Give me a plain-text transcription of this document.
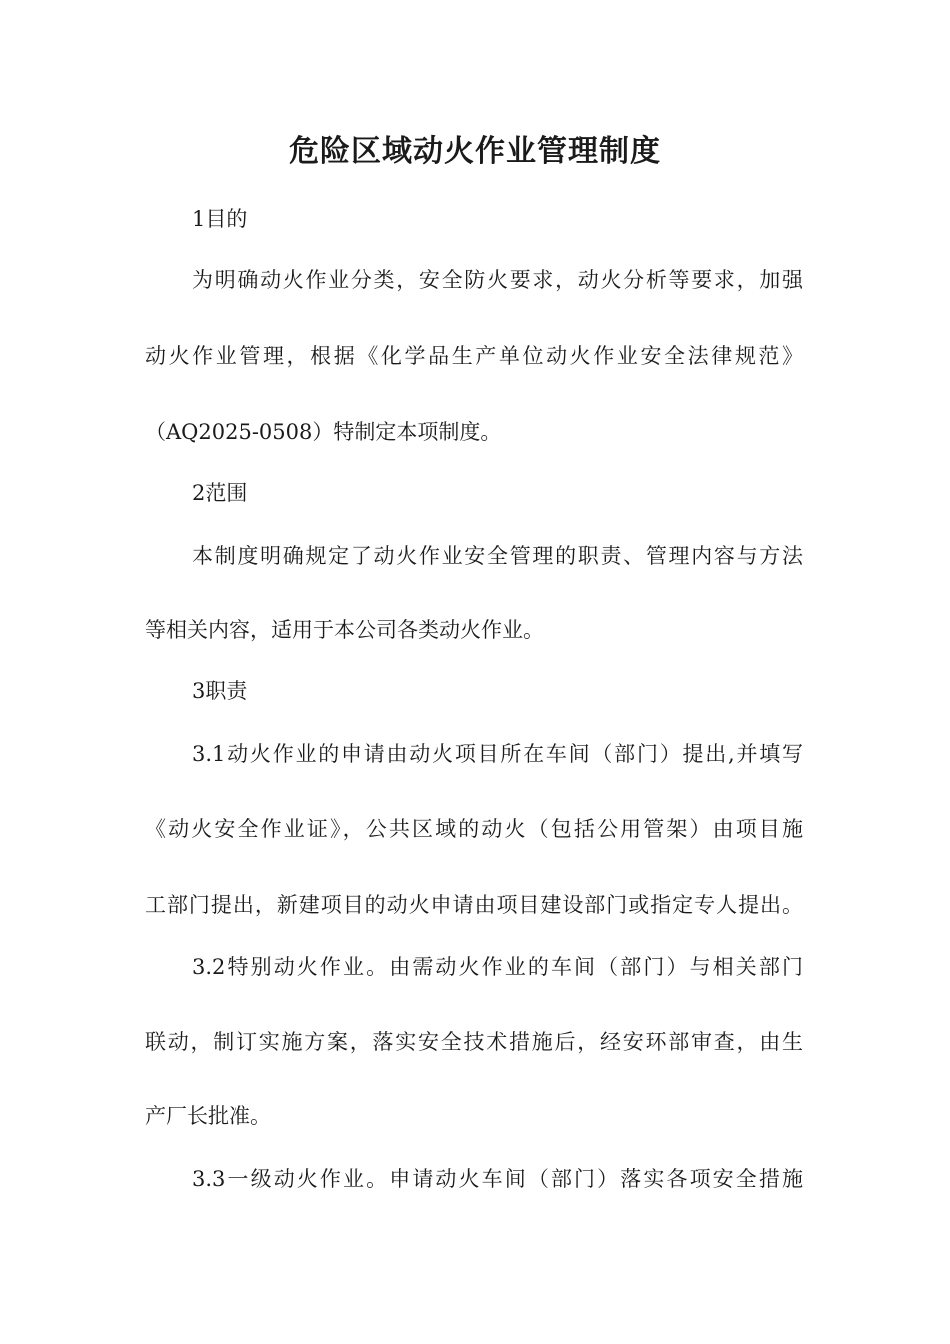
危险区域动火作业管理制度
1目的
为明确动火作业分类，安全防火要求，动火分析等要求，加强
动火作业管理，根据《化学品生产单位动火作业安全法律规范》
（AQ2025-0508）特制定本项制度。
2范围
本制度明确规定了动火作业安全管理的职责、管理内容与方法
等相关内容，适用于本公司各类动火作业。
3职责
3.1动火作业的申请由动火项目所在车间（部门）提出,并填写
《动火安全作业证》，公共区域的动火（包括公用管架）由项目施
工部门提出，新建项目的动火申请由项目建设部门或指定专人提出。
3.2特别动火作业。由需动火作业的车间（部门）与相关部门
联动，制订实施方案，落实安全技术措施后，经安环部审查，由生
产厂长批准。
3.3一级动火作业。申请动火车间（部门）落实各项安全措施
